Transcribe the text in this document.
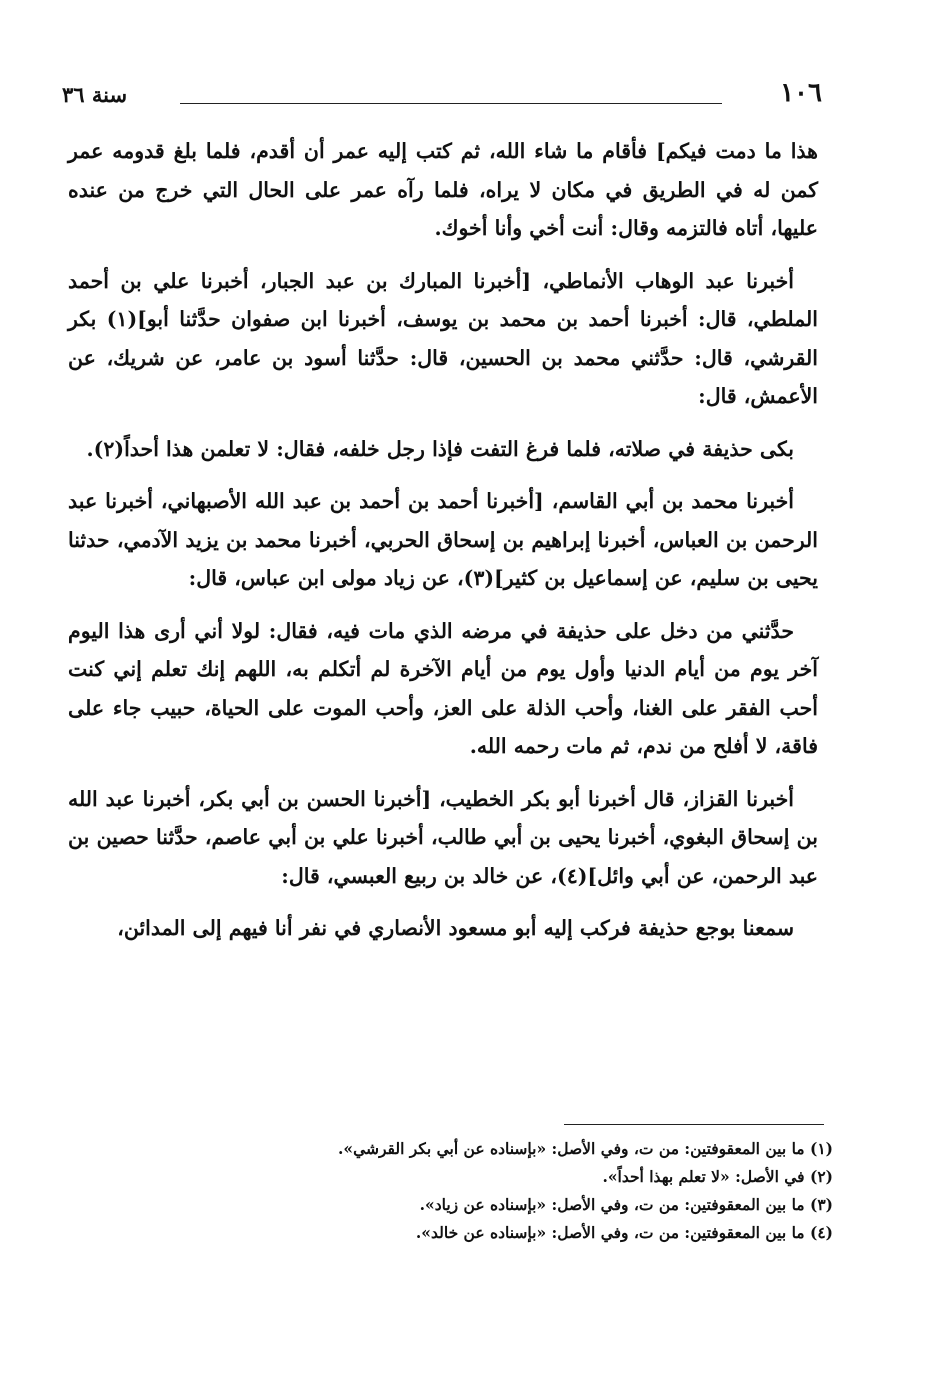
١٠٦
سنة ٣٦

هذا ما دمت فيكم] فأقام ما شاء الله، ثم كتب إليه عمر أن أقدم، فلما بلغ قدومه عمر كمن له في الطريق في مكان لا يراه، فلما رآه عمر على الحال التي خرج من عنده عليها، أتاه فالتزمه وقال: أنت أخي وأنا أخوك.

أخبرنا عبد الوهاب الأنماطي، [أخبرنا المبارك بن عبد الجبار، أخبرنا علي بن أحمد الملطي، قال: أخبرنا أحمد بن محمد بن يوسف، أخبرنا ابن صفوان حدَّثنا أبو](١) بكر القرشي، قال: حدَّثني محمد بن الحسين، قال: حدَّثنا أسود بن عامر، عن شريك، عن الأعمش، قال:

بكى حذيفة في صلاته، فلما فرغ التفت فإذا رجل خلفه، فقال: لا تعلمن هذا أحداً(٢).

أخبرنا محمد بن أبي القاسم، [أخبرنا أحمد بن أحمد بن عبد الله الأصبهاني، أخبرنا عبد الرحمن بن العباس، أخبرنا إبراهيم بن إسحاق الحربي، أخبرنا محمد بن يزيد الآدمي، حدثنا يحيى بن سليم، عن إسماعيل بن كثير](٣)، عن زياد مولى ابن عباس، قال:

حدَّثني من دخل على حذيفة في مرضه الذي مات فيه، فقال: لولا أني أرى هذا اليوم آخر يوم من أيام الدنيا وأول يوم من أيام الآخرة لم أتكلم به، اللهم إنك تعلم إني كنت أحب الفقر على الغنا، وأحب الذلة على العز، وأحب الموت على الحياة، حبيب جاء على فاقة، لا أفلح من ندم، ثم مات رحمه الله.

أخبرنا القزاز، قال أخبرنا أبو بكر الخطيب، [أخبرنا الحسن بن أبي بكر، أخبرنا عبد الله بن إسحاق البغوي، أخبرنا يحيى بن أبي طالب، أخبرنا علي بن أبي عاصم، حدَّثنا حصين بن عبد الرحمن، عن أبي وائل](٤)، عن خالد بن ربيع العبسي، قال:

سمعنا بوجع حذيفة فركب إليه أبو مسعود الأنصاري في نفر أنا فيهم إلى المدائن،

(١) ما بين المعقوفتين: من ت، وفي الأصل: «بإسناده عن أبي بكر القرشي».

(٢) في الأصل: «لا تعلم بهذا أحداً».

(٣) ما بين المعقوفتين: من ت، وفي الأصل: «بإسناده عن زياد».

(٤) ما بين المعقوفتين: من ت، وفي الأصل: «بإسناده عن خالد».
